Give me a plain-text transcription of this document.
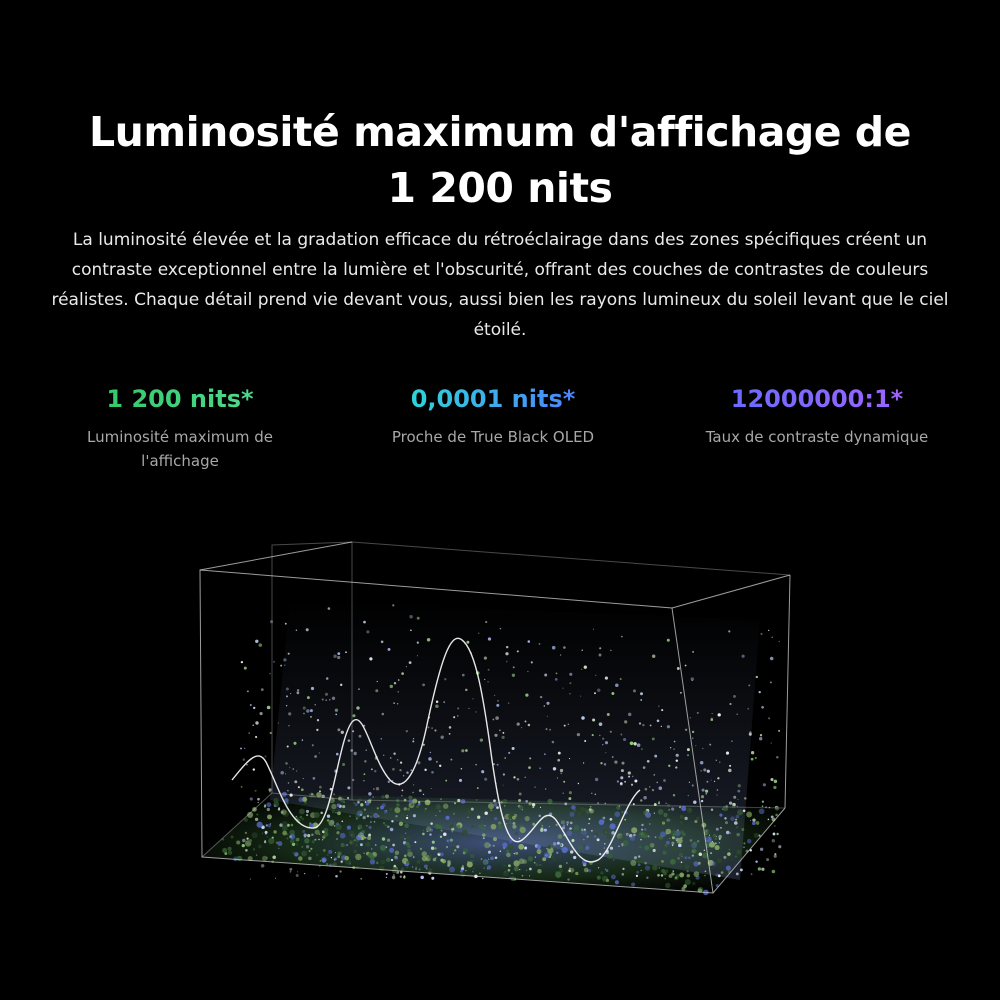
Luminosité maximum d'affichage de
1 200 nits

La luminosité élevée et la gradation efficace du rétroéclairage dans des zones spécifiques créent un contraste exceptionnel entre la lumière et l'obscurité, offrant des couches de contrastes de couleurs réalistes. Chaque détail prend vie devant vous, aussi bien les rayons lumineux du soleil levant que le ciel étoilé.

1 200 nits*
Luminosité maximum de
l'affichage
0,0001 nits*
Proche de True Black OLED
12000000:1*
Taux de contraste dynamique
